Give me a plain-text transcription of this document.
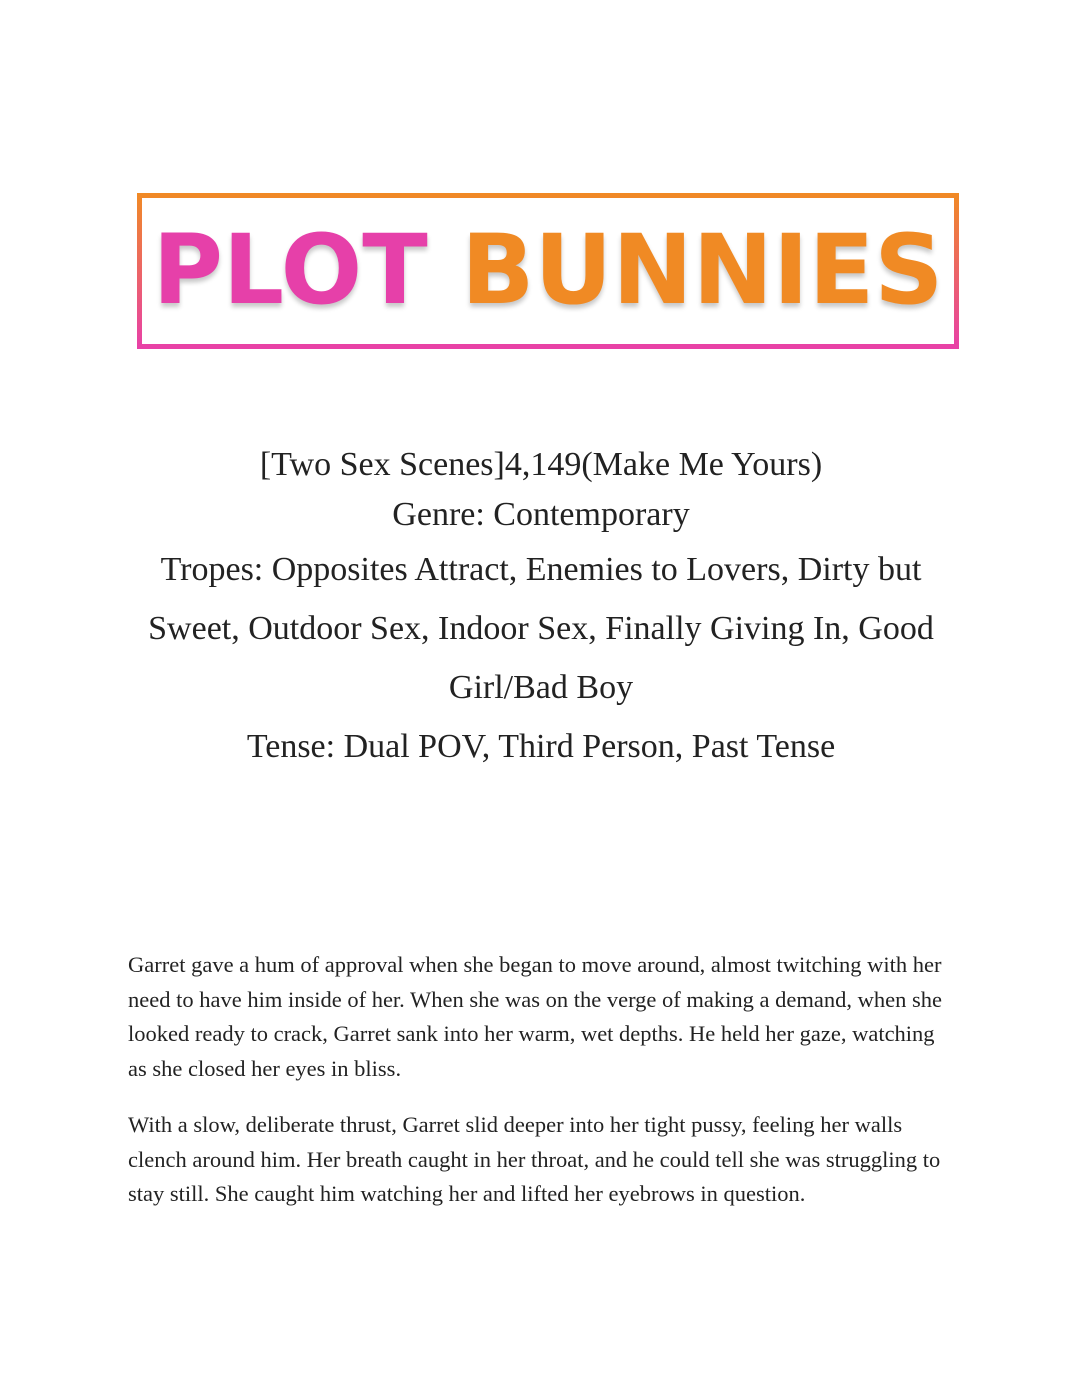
PLOT BUNNIES
[Two Sex Scenes]4,149(Make Me Yours)
Genre: Contemporary
Tropes: Opposites Attract, Enemies to Lovers, Dirty but Sweet, Outdoor Sex, Indoor Sex, Finally Giving In, Good Girl/Bad Boy
Tense: Dual POV, Third Person, Past Tense

Garret gave a hum of approval when she began to move around, almost twitching with her need to have him inside of her. When she was on the verge of making a demand, when she looked ready to crack, Garret sank into her warm, wet depths. He held her gaze, watching as she closed her eyes in bliss.

With a slow, deliberate thrust, Garret slid deeper into her tight pussy, feeling her walls clench around him. Her breath caught in her throat, and he could tell she was struggling to stay still. She caught him watching her and lifted her eyebrows in question.
